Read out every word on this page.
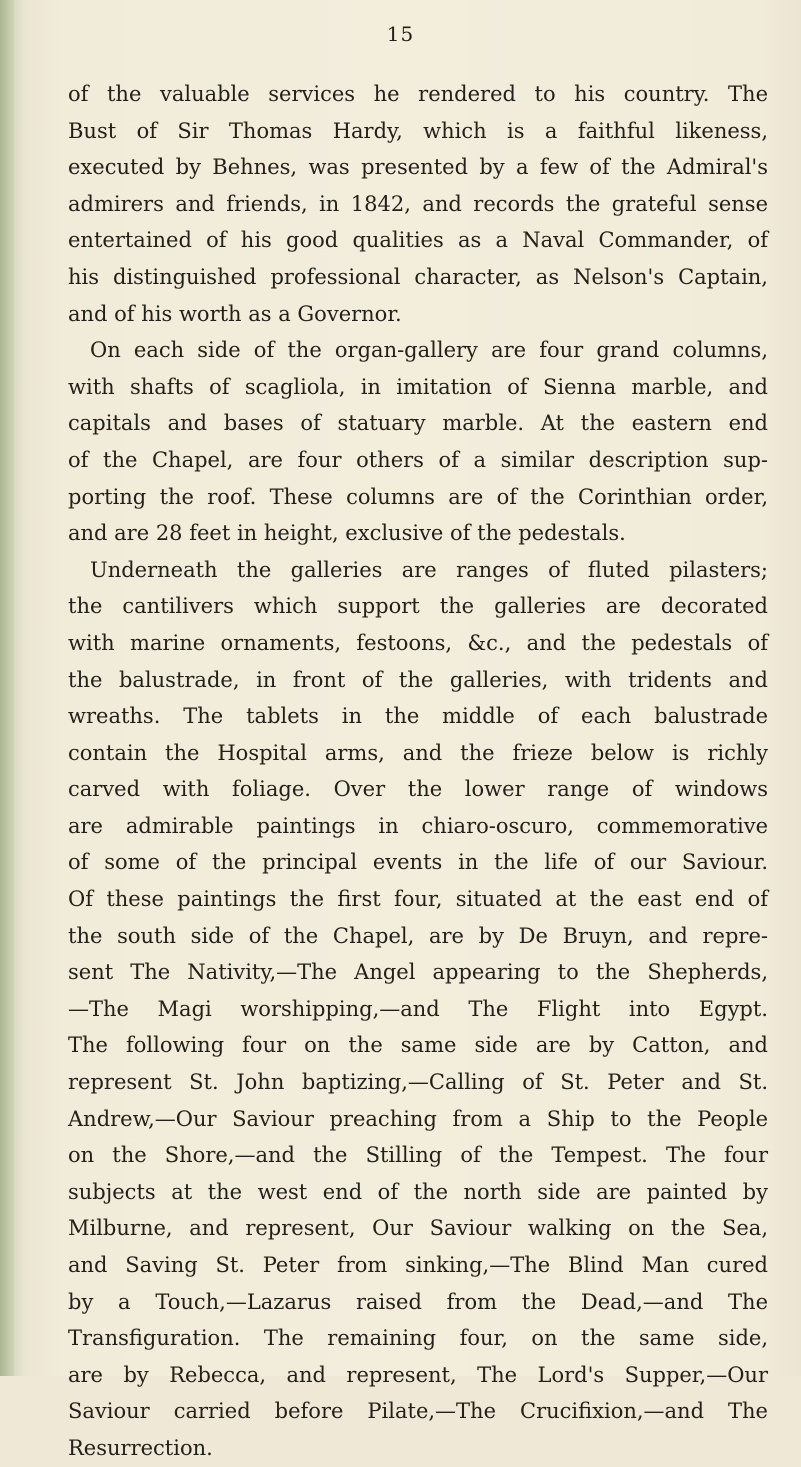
15
of the valuable services he rendered to his country. The
Bust of Sir Thomas Hardy, which is a faithful likeness,
executed by Behnes, was presented by a few of the Admiral's
admirers and friends, in 1842, and records the grateful sense
entertained of his good qualities as a Naval Commander, of
his distinguished professional character, as Nelson's Captain,
and of his worth as a Governor.
On each side of the organ-gallery are four grand columns,
with shafts of scagliola, in imitation of Sienna marble, and
capitals and bases of statuary marble. At the eastern end
of the Chapel, are four others of a similar description sup-
porting the roof. These columns are of the Corinthian order,
and are 28 feet in height, exclusive of the pedestals.
Underneath the galleries are ranges of fluted pilasters;
the cantilivers which support the galleries are decorated
with marine ornaments, festoons, &c., and the pedestals of
the balustrade, in front of the galleries, with tridents and
wreaths. The tablets in the middle of each balustrade
contain the Hospital arms, and the frieze below is richly
carved with foliage. Over the lower range of windows
are admirable paintings in chiaro-oscuro, commemorative
of some of the principal events in the life of our Saviour.
Of these paintings the first four, situated at the east end of
the south side of the Chapel, are by De Bruyn, and repre-
sent The Nativity,—The Angel appearing to the Shepherds,
—The Magi worshipping,—and The Flight into Egypt.
The following four on the same side are by Catton, and
represent St. John baptizing,—Calling of St. Peter and St.
Andrew,—Our Saviour preaching from a Ship to the People
on the Shore,—and the Stilling of the Tempest. The four
subjects at the west end of the north side are painted by
Milburne, and represent, Our Saviour walking on the Sea,
and Saving St. Peter from sinking,—The Blind Man cured
by a Touch,—Lazarus raised from the Dead,—and The
Transfiguration. The remaining four, on the same side,
are by Rebecca, and represent, The Lord's Supper,—Our
Saviour carried before Pilate,—The Crucifixion,—and The
Resurrection.
